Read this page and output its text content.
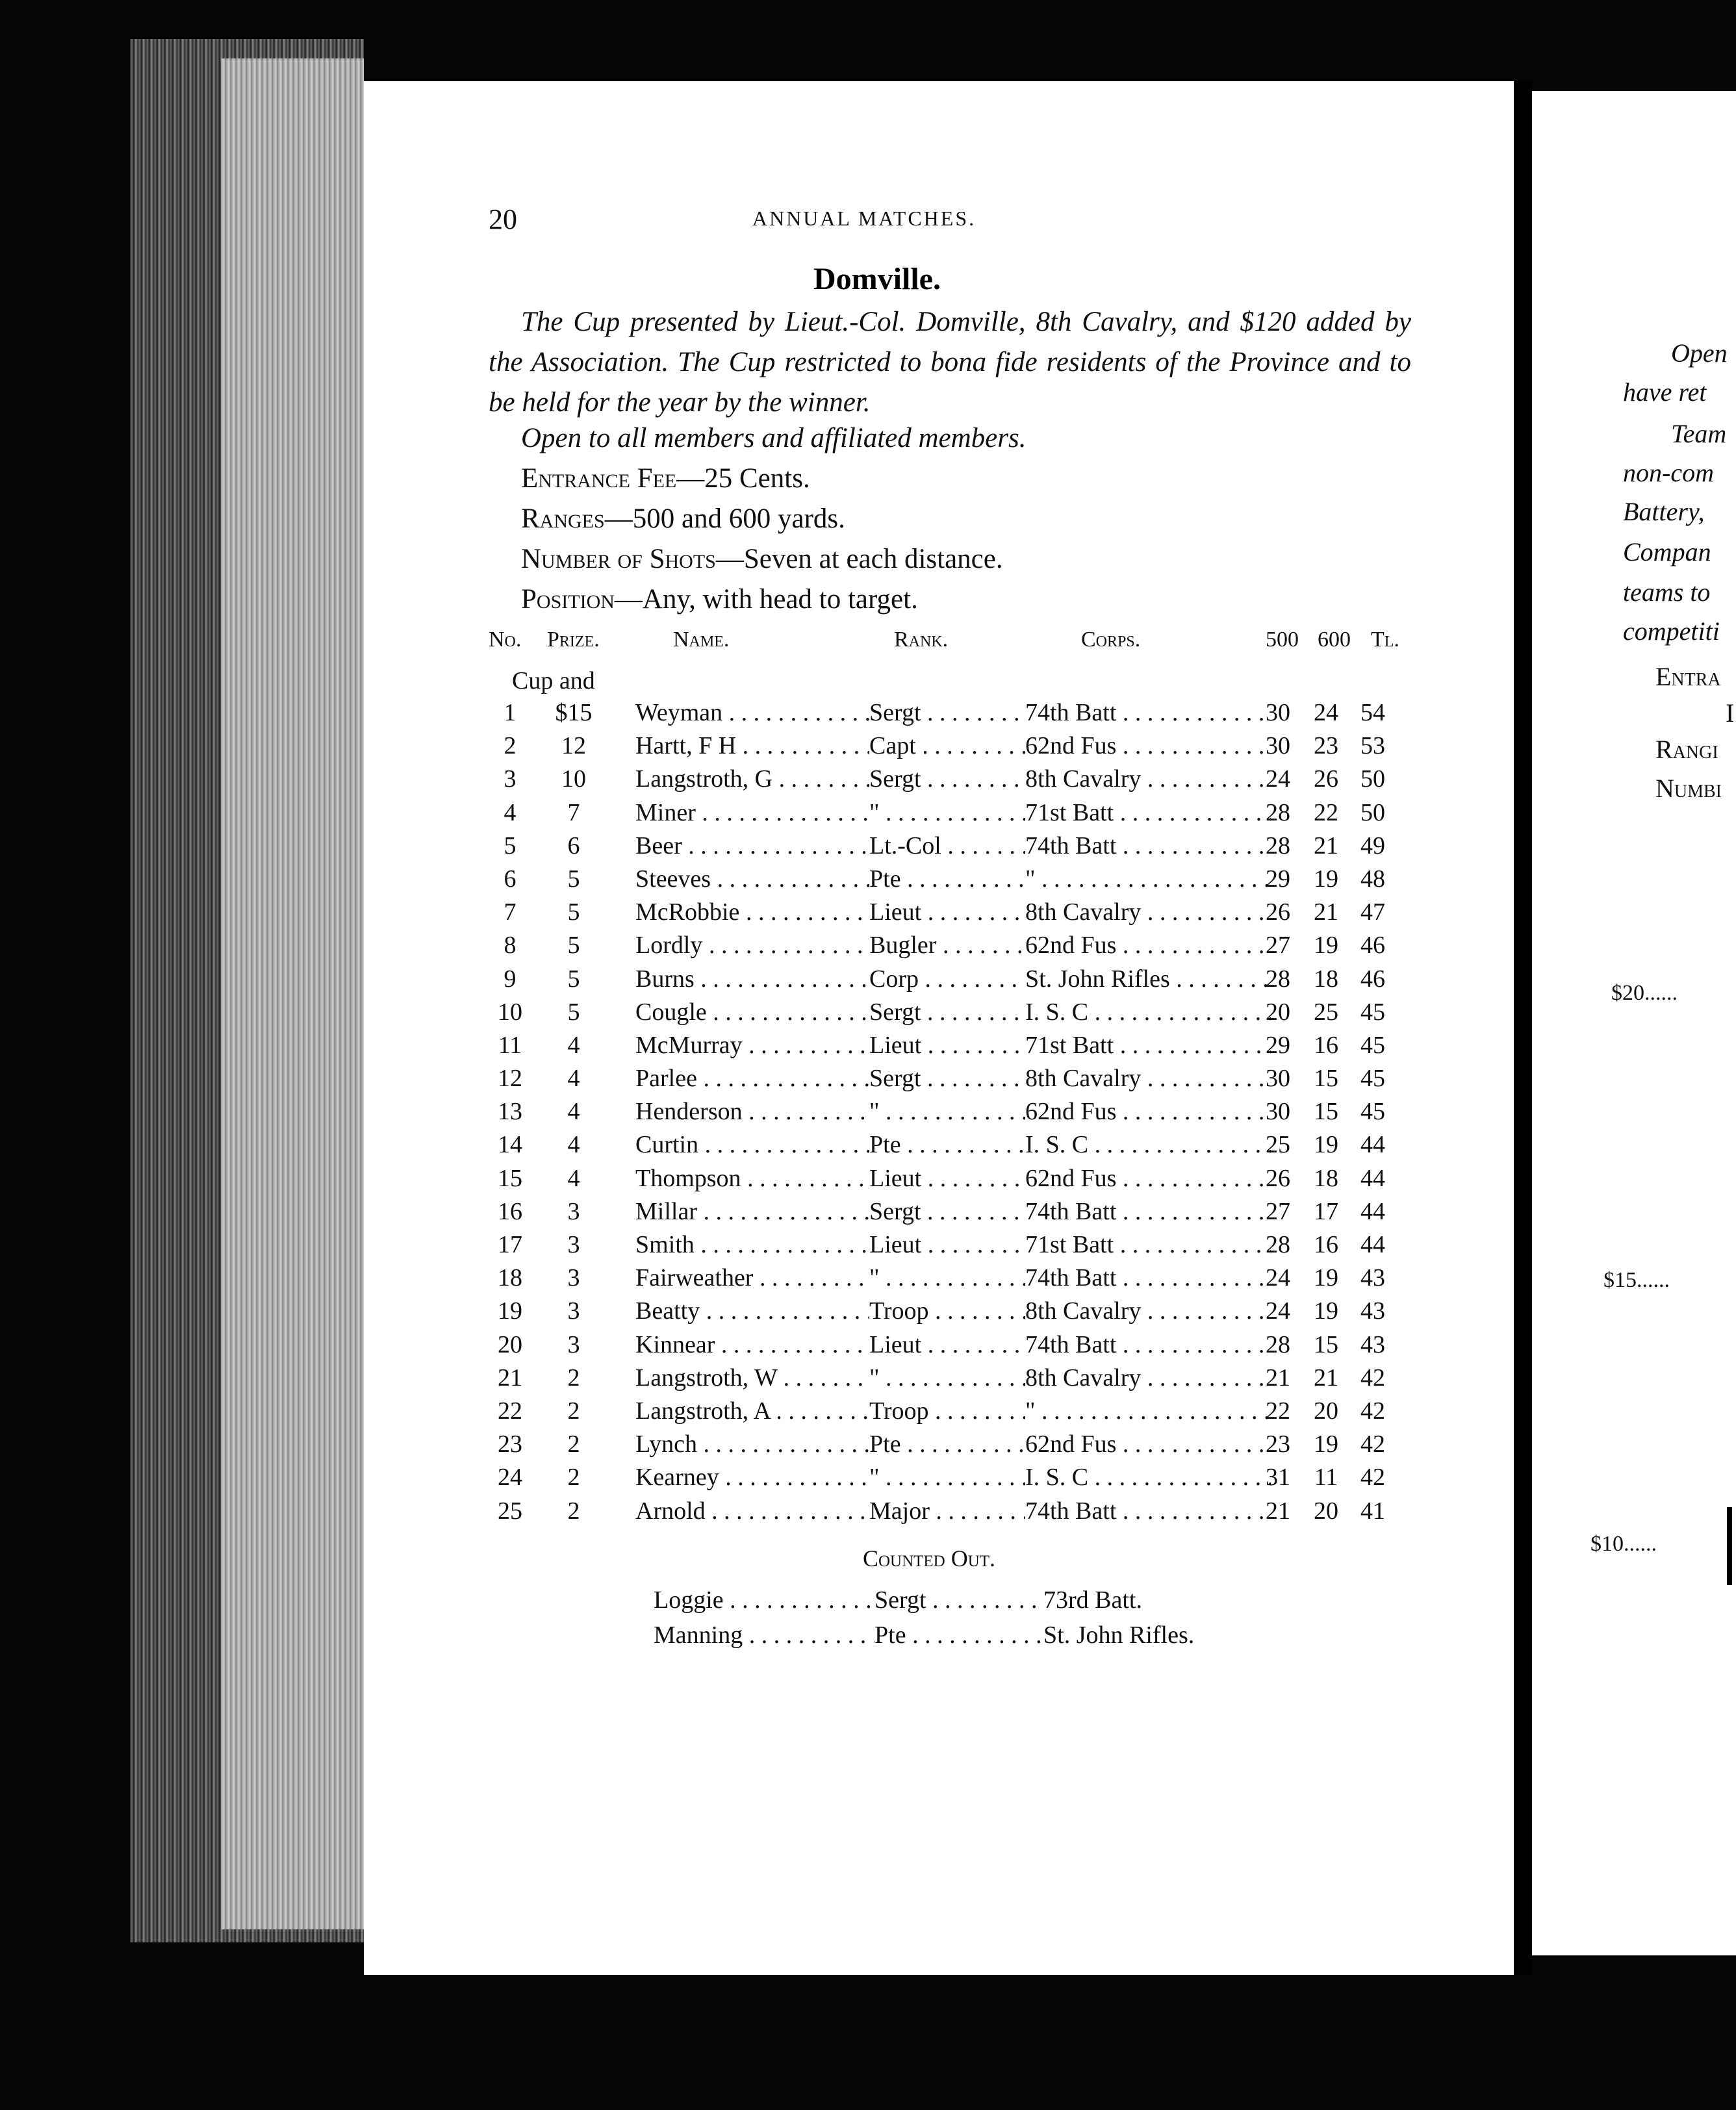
20	ANNUAL MATCHES.
Domville.
The Cup presented by Lieut.-Col. Domville, 8th Cavalry, and $120 added by the Association. The Cup restricted to bona fide residents of the Province and to be held for the year by the winner.
Open to all members and affiliated members.
Entrance Fee—25 Cents.
Ranges—500 and 600 yards.
Number of Shots—Seven at each distance.
Position—Any, with head to target.
No. Prize.	Name.	Rank.	Corps.	500 600 Tl.
Cup and
1	$15	Weyman . . .	Sergt . . .	74th Batt . . .	30 24 54
2	12	Hartt, F H . . .	Capt . . .	62nd Fus . . .	30 23 53
3	10	Langstroth, G . . .	Sergt . . .	8th Cavalry . . .	24 26 50
4	7	Miner . . .	" . . .	71st Batt . . .	28 22 50
5	6	Beer . . .	Lt.-Col . . .	74th Batt . . .	28 21 49
6	5	Steeves . . .	Pte . . .	" . . .	29 19 48
7	5	McRobbie . . .	Lieut . . .	8th Cavalry . . .	26 21 47
8	5	Lordly . . .	Bugler . . .	62nd Fus . . .	27 19 46
9	5	Burns . . .	Corp . . .	St. John Rifles . . .	28 18 46
10	5	Cougle . . .	Sergt . . .	I. S. C . . .	20 25 45
11	4	McMurray . . .	Lieut . . .	71st Batt . . .	29 16 45
12	4	Parlee . . .	Sergt . . .	8th Cavalry . . .	30 15 45
13	4	Henderson . . .	" . . .	62nd Fus . . .	30 15 45
14	4	Curtin . . .	Pte . . .	I. S. C . . .	25 19 44
15	4	Thompson . . .	Lieut . . .	62nd Fus . . .	26 18 44
16	3	Millar . . .	Sergt . . .	74th Batt . . .	27 17 44
17	3	Smith . . .	Lieut . . .	71st Batt . . .	28 16 44
18	3	Fairweather . . .	" . . .	74th Batt . . .	24 19 43
19	3	Beatty . . .	Troop . . .	8th Cavalry . . .	24 19 43
20	3	Kinnear . . .	Lieut . . .	74th Batt . . .	28 15 43
21	2	Langstroth, W . . .	" . . .	8th Cavalry . . .	21 21 42
22	2	Langstroth, A . . .	Troop . . .	" . . .	22 20 42
23	2	Lynch . . .	Pte . . .	62nd Fus . . .	23 19 42
24	2	Kearney . . .	" . . .	I. S. C . . .	31 11 42
25	2	Arnold . . .	Major . . .	74th Batt . . .	21 20 41
Counted Out.
Loggie . . .	Sergt . . .	73rd Batt.
Manning . . .	Pte . . .	St. John Rifles.
Open
have ret
Team
non-com
Battery,
Compan
teams to
competiti
Entra
I
Rangi
Numbi
$20......
$15......
$10......
